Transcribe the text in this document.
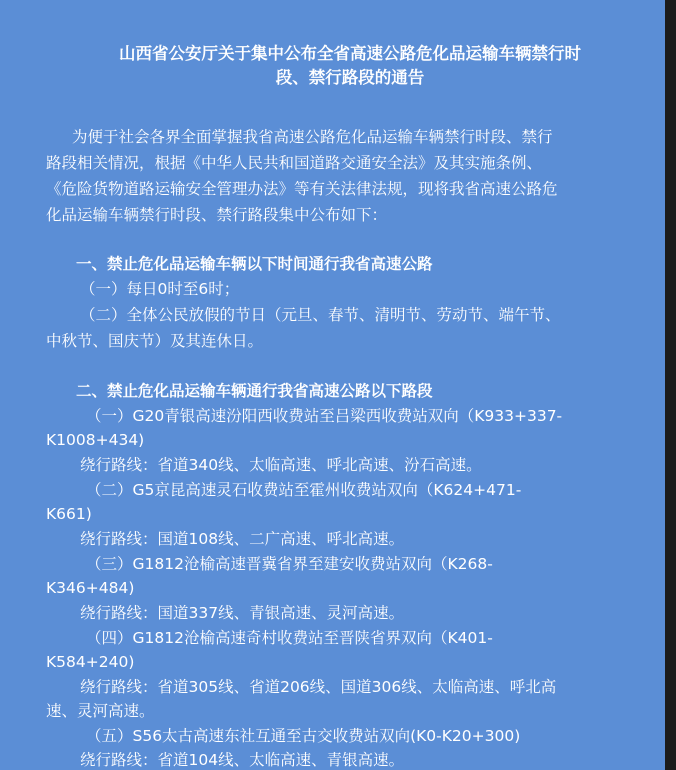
山西省公安厅关于集中公布全省高速公路危化品运输车辆禁行时
段、禁行路段的通告

为便于社会各界全面掌握我省高速公路危化品运输车辆禁行时段、禁行

路段相关情况，根据《中华人民共和国道路交通安全法》及其实施条例、

《危险货物道路运输安全管理办法》等有关法律法规，现将我省高速公路危

化品运输车辆禁行时段、禁行路段集中公布如下：

一、禁止危化品运输车辆以下时间通行我省高速公路

（一）每日0时至6时；

（二）全体公民放假的节日（元旦、春节、清明节、劳动节、端午节、

中秋节、国庆节）及其连休日。

二、禁止危化品运输车辆通行我省高速公路以下路段

（一）G20青银高速汾阳西收费站至吕梁西收费站双向（K933+337-

K1008+434)

绕行路线：省道340线、太临高速、呼北高速、汾石高速。

（二）G5京昆高速灵石收费站至霍州收费站双向（K624+471-

K661)

绕行路线：国道108线、二广高速、呼北高速。

（三）G1812沧榆高速晋冀省界至建安收费站双向（K268-

K346+484)

绕行路线：国道337线、青银高速、灵河高速。

（四）G1812沧榆高速奇村收费站至晋陕省界双向（K401-

K584+240)

绕行路线：省道305线、省道206线、国道306线、太临高速、呼北高

速、灵河高速。

（五）S56太古高速东社互通至古交收费站双向(K0-K20+300)

绕行路线：省道104线、太临高速、青银高速。
